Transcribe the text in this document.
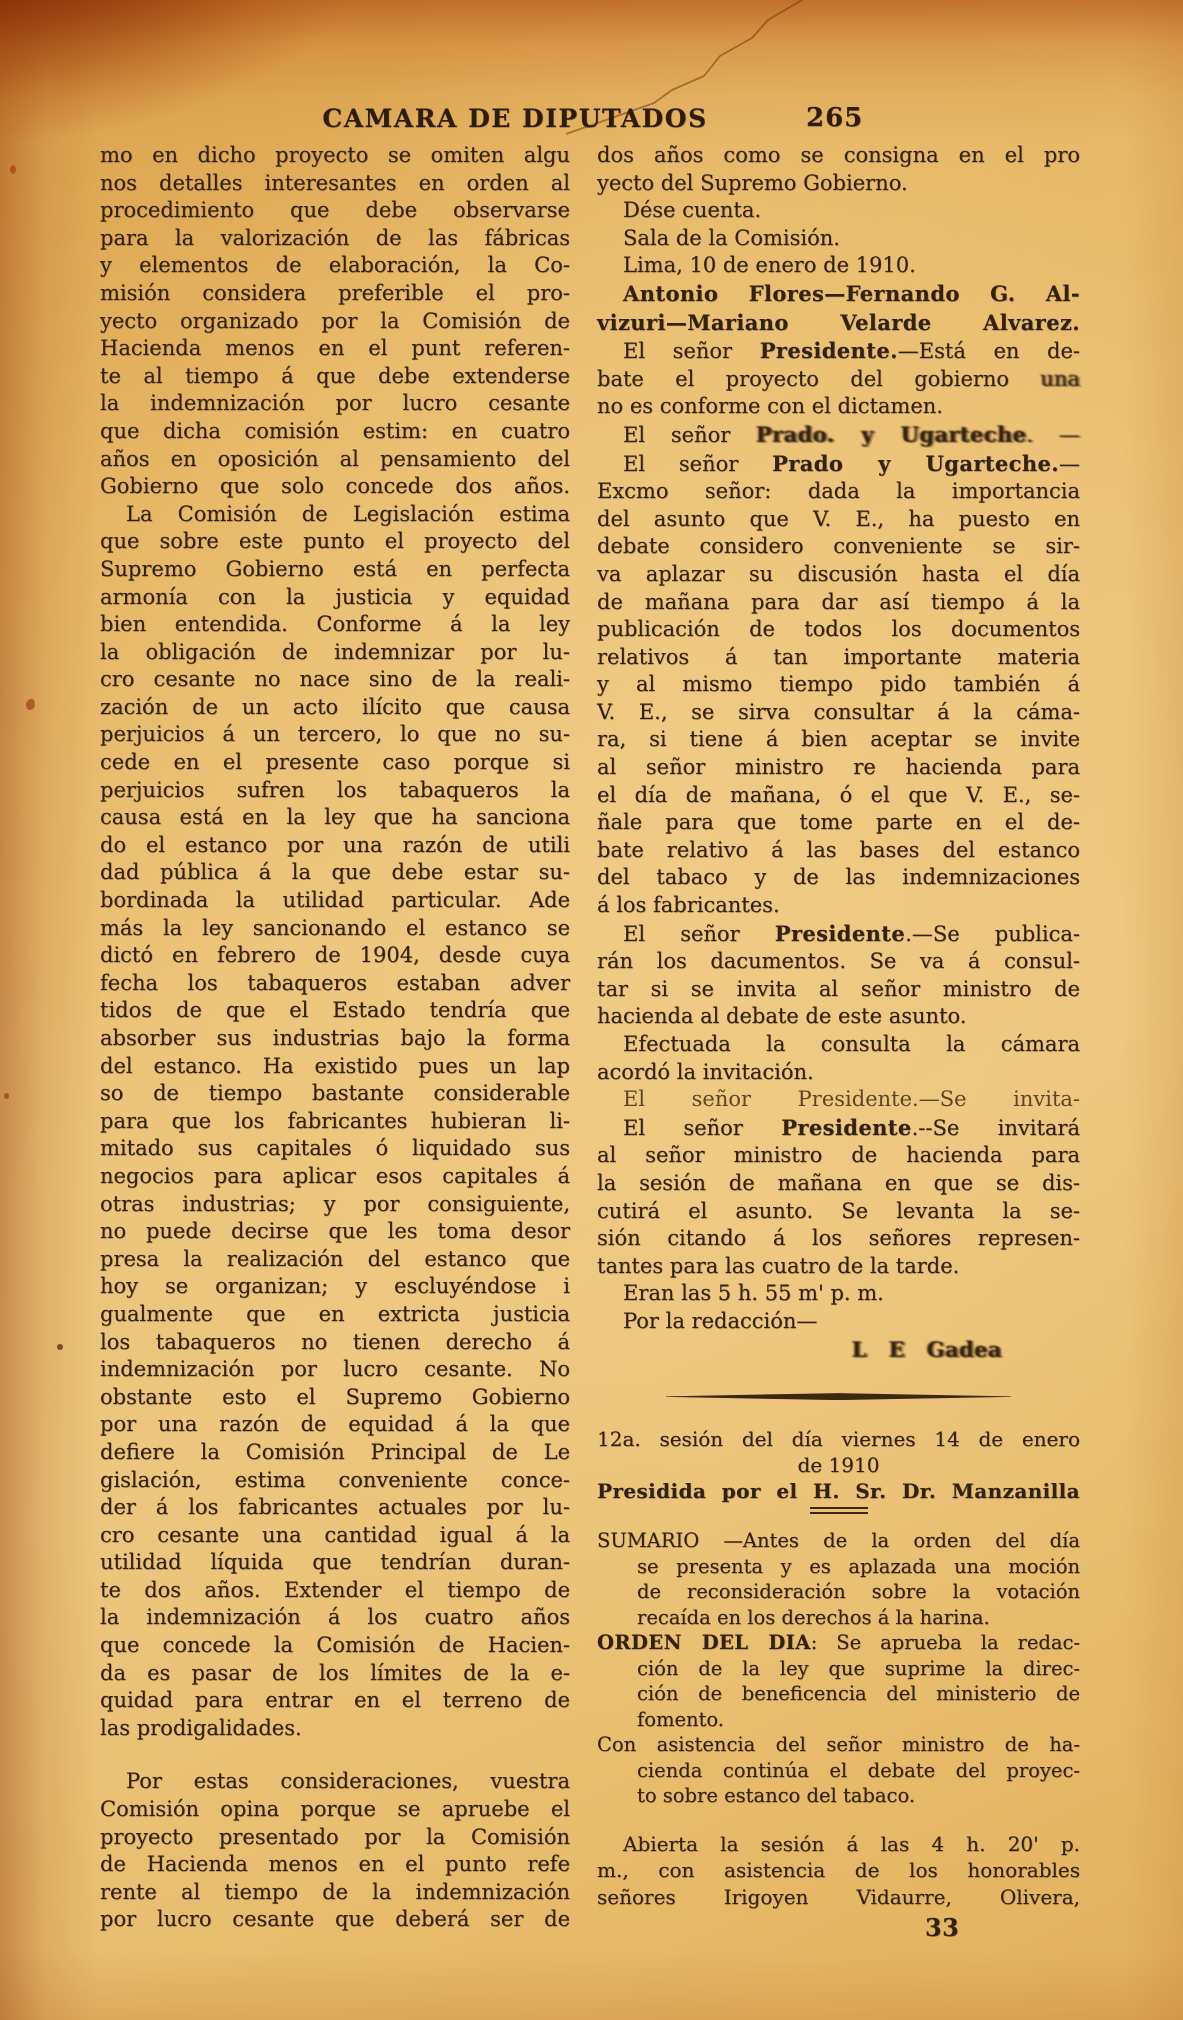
CAMARA DE DIPUTADOS	265
mo en dicho proyecto se omiten algu
nos detalles interesantes en orden al
procedimiento que debe observarse
para la valorización de las fábricas
y elementos de elaboración, la Co-
misión considera preferible el pro-
yecto organizado por la Comisión de
Hacienda menos en el punt referen-
te al tiempo á que debe extenderse
la indemnización por lucro cesante
que dicha comisión estim: en cuatro
años en oposición al pensamiento del
Gobierno que solo concede dos años.
La Comisión de Legislación estima
que sobre este punto el proyecto del
Supremo Gobierno está en perfecta
armonía con la justicia y equidad
bien entendida. Conforme á la ley
la obligación de indemnizar por lu-
cro cesante no nace sino de la reali-
zación de un acto ilícito que causa
perjuicios á un tercero, lo que no su-
cede en el presente caso porque si
perjuicios sufren los tabaqueros la
causa está en la ley que ha sanciona
do el estanco por una razón de utili
dad pública á la que debe estar su-
bordinada la utilidad particular. Ade
más la ley sancionando el estanco se
dictó en febrero de 1904, desde cuya
fecha los tabaqueros estaban adver
tidos de que el Estado tendría que
absorber sus industrias bajo la forma
del estanco. Ha existido pues un lap
so de tiempo bastante considerable
para que los fabricantes hubieran li-
mitado sus capitales ó liquidado sus
negocios para aplicar esos capitales á
otras industrias; y por consiguiente,
no puede decirse que les toma desor
presa la realización del estanco que
hoy se organizan; y escluyéndose i
gualmente que en extricta justicia
los tabaqueros no tienen derecho á
indemnización por lucro cesante. No
obstante esto el Supremo Gobierno
por una razón de equidad á la que
defiere la Comisión Principal de Le
gislación, estima conveniente conce-
der á los fabricantes actuales por lu-
cro cesante una cantidad igual á la
utilidad líquida que tendrían duran-
te dos años. Extender el tiempo de
la indemnización á los cuatro años
que concede la Comisión de Hacien-
da es pasar de los límites de la e-
quidad para entrar en el terreno de
las prodigalidades.
Por estas consideraciones, vuestra
Comisión opina porque se apruebe el
proyecto presentado por la Comisión
de Hacienda menos en el punto refe
rente al tiempo de la indemnización
por lucro cesante que deberá ser de
dos años como se consigna en el pro
yecto del Supremo Gobierno.
Dése cuenta.
Sala de la Comisión.
Lima, 10 de enero de 1910.
Antonio Flores—Fernando G. Al-
vizuri—Mariano Velarde Alvarez.
El señor Presidente.—Está en de-
bate el proyecto del gobierno una
no es conforme con el dictamen.
El señor Prado. y Ugarteche. —
El señor Prado y Ugarteche.—
Excmo señor: dada la importancia
del asunto que V. E., ha puesto en
debate considero conveniente se sir-
va aplazar su discusión hasta el día
de mañana para dar así tiempo á la
publicación de todos los documentos
relativos á tan importante materia
y al mismo tiempo pido también á
V. E., se sirva consultar á la cáma-
ra, si tiene á bien aceptar se invite
al señor ministro re hacienda para
el día de mañana, ó el que V. E., se-
ñale para que tome parte en el de-
bate relativo á las bases del estanco
del tabaco y de las indemnizaciones
á los fabricantes.
El señor Presidente.—Se publica-
rán los dacumentos. Se va á consul-
tar si se invita al señor ministro de
hacienda al debate de este asunto.
Efectuada la consulta la cámara
acordó la invitación.
El señor Presidente.—Se invita-
El señor Presidente.--Se invitará
al señor ministro de hacienda para
la sesión de mañana en que se dis-
cutirá el asunto. Se levanta la se-
sión citando á los señores represen-
tantes para las cuatro de la tarde.
Eran las 5 h. 55 m' p. m.
Por la redacción—
L E Gadea
12a. sesión del día viernes 14 de enero
de 1910
Presidida por el H. Sr. Dr. Manzanilla
SUMARIO —Antes de la orden del día
se presenta y es aplazada una moción
de reconsideración sobre la votación
recaída en los derechos á la harina.
ORDEN DEL DIA: Se aprueba la redac-
ción de la ley que suprime la direc-
ción de beneficencia del ministerio de
fomento.
Con asistencia del señor ministro de ha-
cienda continúa el debate del proyec-
to sobre estanco del tabaco.
Abierta la sesión á las 4 h. 20' p.
m., con asistencia de los honorables
señores Irigoyen Vidaurre, Olivera,
33
